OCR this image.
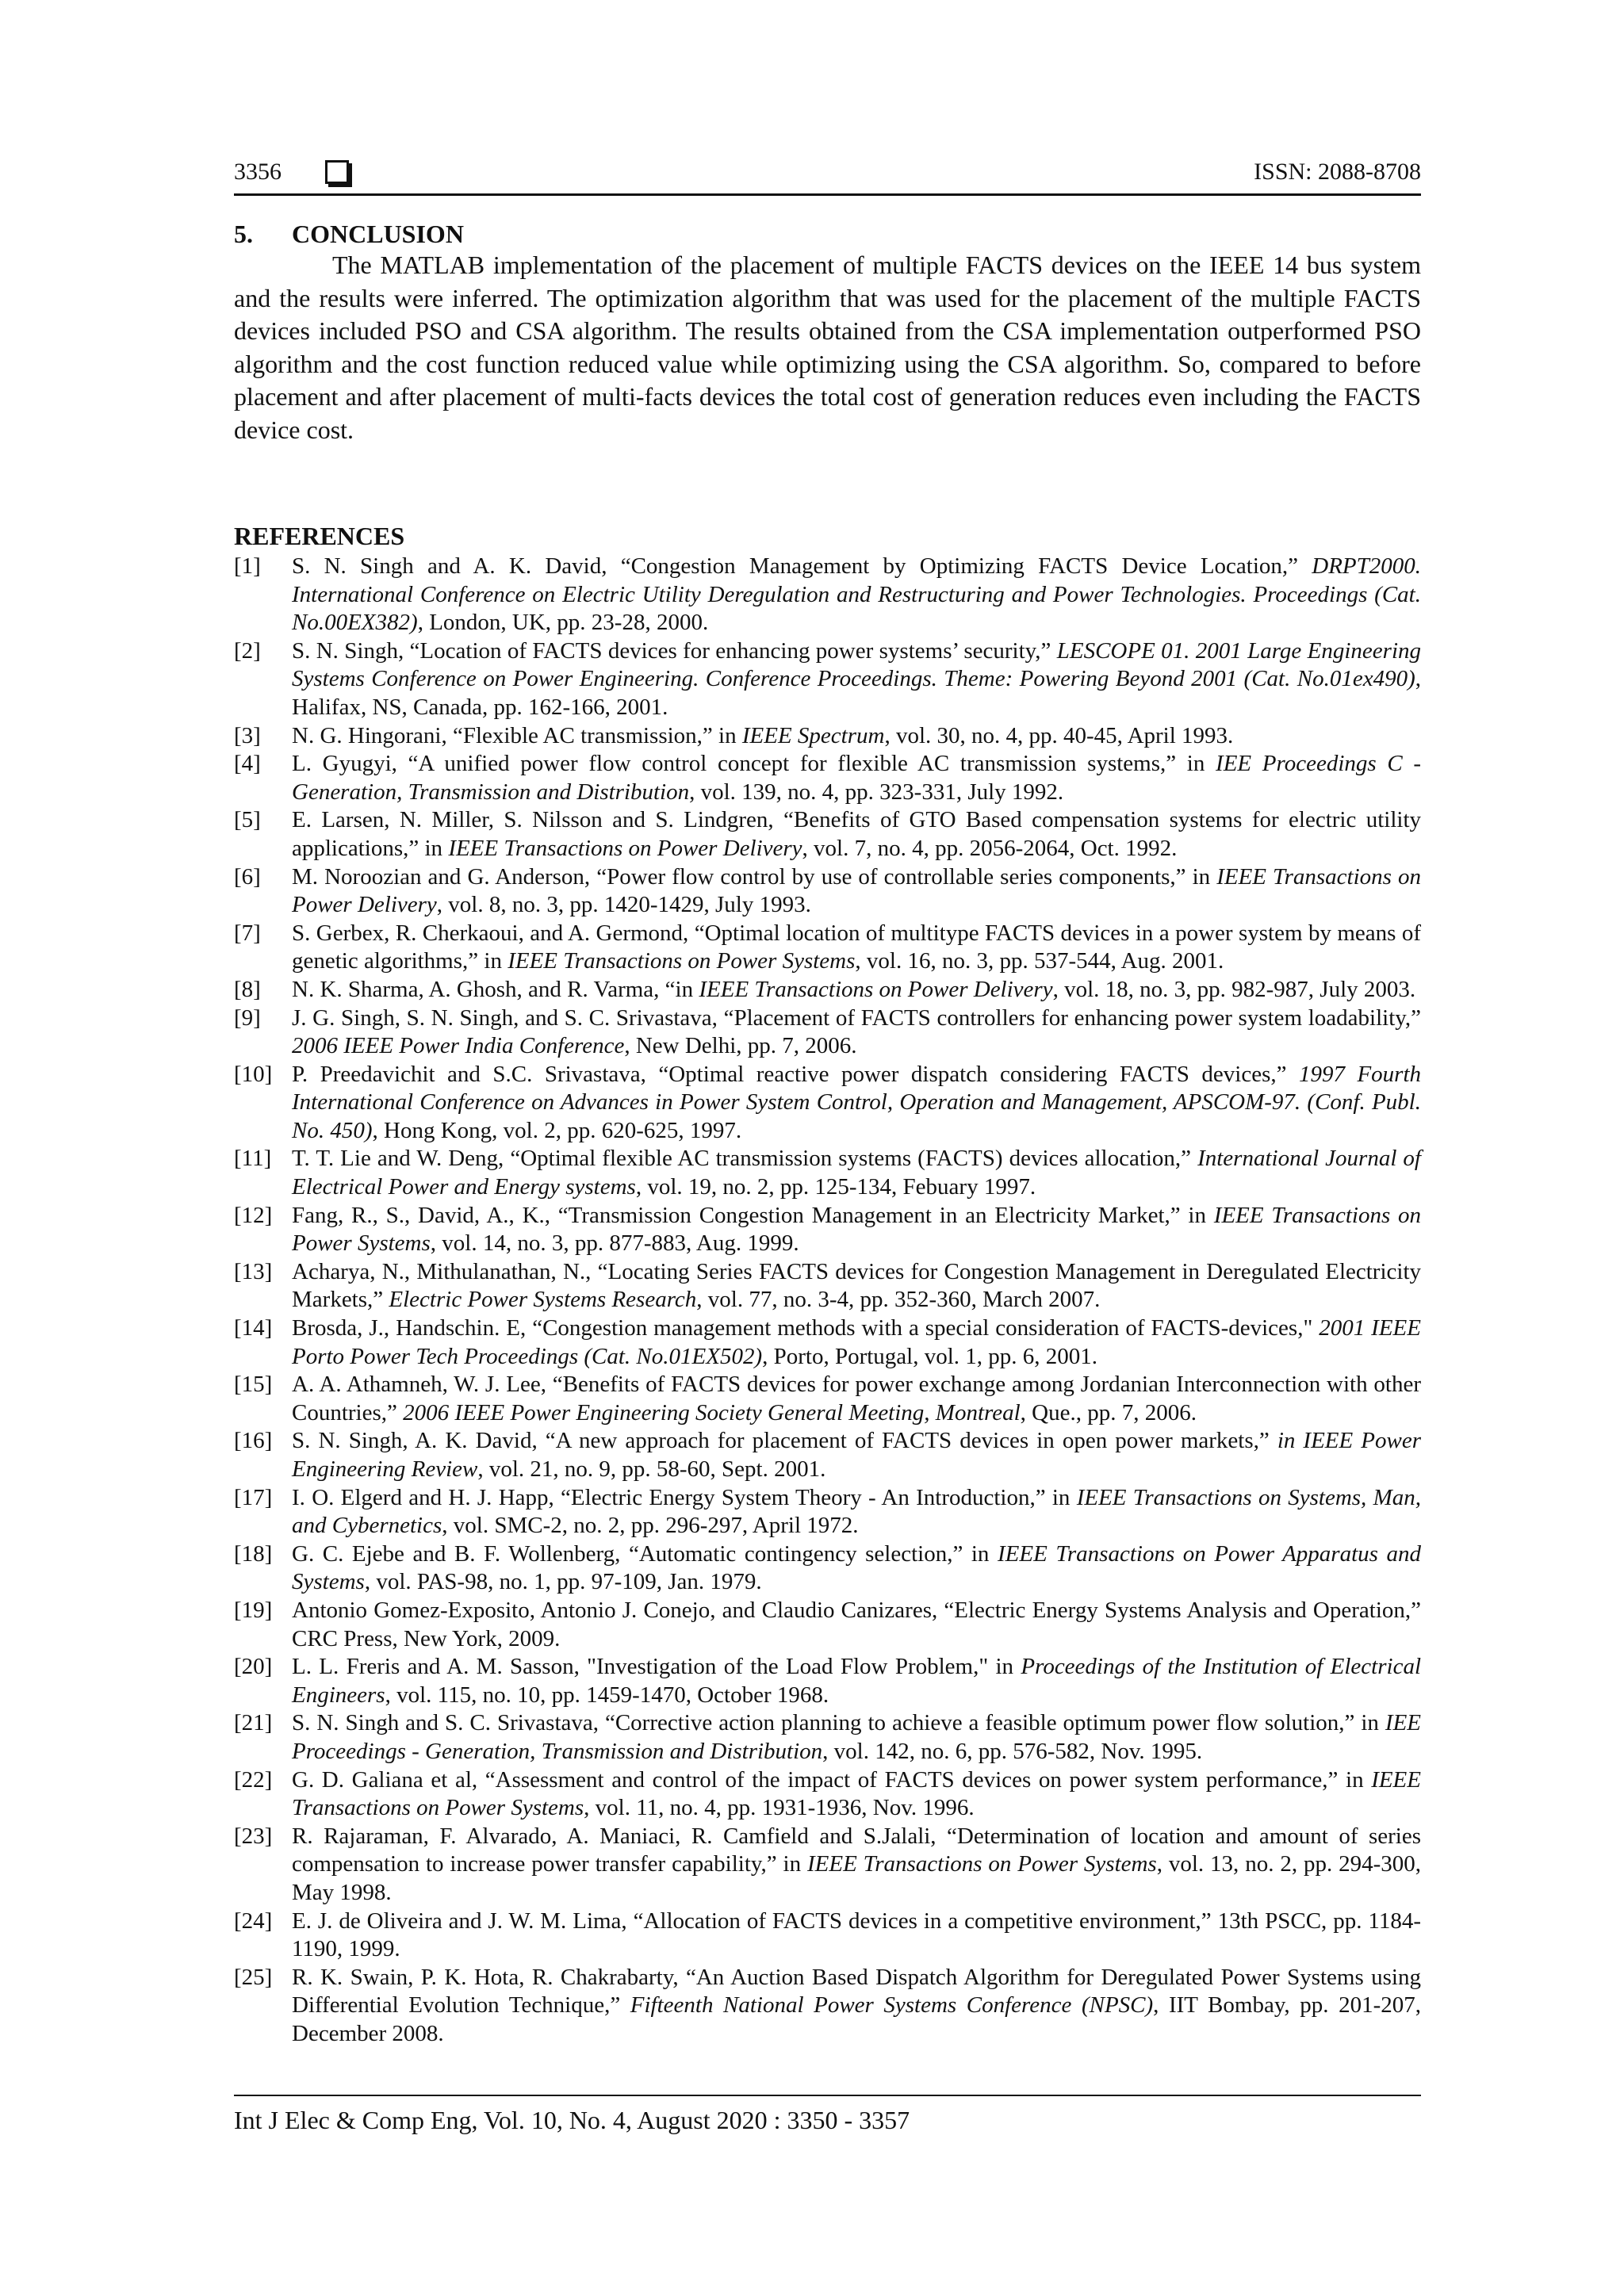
3356	ISSN: 2088-8708
5. CONCLUSION

The MATLAB implementation of the placement of multiple FACTS devices on the IEEE 14 bus system and the results were inferred. The optimization algorithm that was used for the placement of the multiple FACTS devices included PSO and CSA algorithm. The results obtained from the CSA implementation outperformed PSO algorithm and the cost function reduced value while optimizing using the CSA algorithm. So, compared to before placement and after placement of multi-facts devices the total cost of generation reduces even including the FACTS device cost.

REFERENCES
[1]	S. N. Singh and A. K. David, “Congestion Management by Optimizing FACTS Device Location,” DRPT2000. International Conference on Electric Utility Deregulation and Restructuring and Power Technologies. Proceedings (Cat. No.00EX382), London, UK, pp. 23-28, 2000.
[2]	S. N. Singh, “Location of FACTS devices for enhancing power systems’ security,” LESCOPE 01. 2001 Large Engineering Systems Conference on Power Engineering. Conference Proceedings. Theme: Powering Beyond 2001 (Cat. No.01ex490), Halifax, NS, Canada, pp. 162-166, 2001.
[3]	N. G. Hingorani, “Flexible AC transmission,” in IEEE Spectrum, vol. 30, no. 4, pp. 40-45, April 1993.
[4]	L. Gyugyi, “A unified power flow control concept for flexible AC transmission systems,” in IEE Proceedings C - Generation, Transmission and Distribution, vol. 139, no. 4, pp. 323-331, July 1992.
[5]	E. Larsen, N. Miller, S. Nilsson and S. Lindgren, “Benefits of GTO Based compensation systems for electric utility applications,” in IEEE Transactions on Power Delivery, vol. 7, no. 4, pp. 2056-2064, Oct. 1992.
[6]	M. Noroozian and G. Anderson, “Power flow control by use of controllable series components,” in IEEE Transactions on Power Delivery, vol. 8, no. 3, pp. 1420-1429, July 1993.
[7]	S. Gerbex, R. Cherkaoui, and A. Germond, “Optimal location of multitype FACTS devices in a power system by means of genetic algorithms,” in IEEE Transactions on Power Systems, vol. 16, no. 3, pp. 537-544, Aug. 2001.
[8]	N. K. Sharma, A. Ghosh, and R. Varma, “in IEEE Transactions on Power Delivery, vol. 18, no. 3, pp. 982-987, July 2003.
[9]	J. G. Singh, S. N. Singh, and S. C. Srivastava, “Placement of FACTS controllers for enhancing power system loadability,” 2006 IEEE Power India Conference, New Delhi, pp. 7, 2006.
[10] P. Preedavichit and S.C. Srivastava, “Optimal reactive power dispatch considering FACTS devices,” 1997 Fourth International Conference on Advances in Power System Control, Operation and Management, APSCOM-97. (Conf. Publ. No. 450), Hong Kong, vol. 2, pp. 620-625, 1997.
[11] T. T. Lie and W. Deng, “Optimal flexible AC transmission systems (FACTS) devices allocation,” International Journal of Electrical Power and Energy systems, vol. 19, no. 2, pp. 125-134, Febuary 1997.
[12] Fang, R., S., David, A., K., “Transmission Congestion Management in an Electricity Market,” in IEEE Transactions on Power Systems, vol. 14, no. 3, pp. 877-883, Aug. 1999.
[13] Acharya, N., Mithulanathan, N., “Locating Series FACTS devices for Congestion Management in Deregulated Electricity Markets,” Electric Power Systems Research, vol. 77, no. 3-4, pp. 352-360, March 2007.
[14] Brosda, J., Handschin. E, “Congestion management methods with a special consideration of FACTS-devices," 2001 IEEE Porto Power Tech Proceedings (Cat. No.01EX502), Porto, Portugal, vol. 1, pp. 6, 2001.
[15] A. A. Athamneh, W. J. Lee, “Benefits of FACTS devices for power exchange among Jordanian Interconnection with other Countries,” 2006 IEEE Power Engineering Society General Meeting, Montreal, Que., pp. 7, 2006.
[16] S. N. Singh, A. K. David, “A new approach for placement of FACTS devices in open power markets,” in IEEE Power Engineering Review, vol. 21, no. 9, pp. 58-60, Sept. 2001.
[17] I. O. Elgerd and H. J. Happ, “Electric Energy System Theory - An Introduction,” in IEEE Transactions on Systems, Man, and Cybernetics, vol. SMC-2, no. 2, pp. 296-297, April 1972.
[18] G. C. Ejebe and B. F. Wollenberg, “Automatic contingency selection,” in IEEE Transactions on Power Apparatus and Systems, vol. PAS-98, no. 1, pp. 97-109, Jan. 1979.
[19] Antonio Gomez-Exposito, Antonio J. Conejo, and Claudio Canizares, “Electric Energy Systems Analysis and Operation,” CRC Press, New York, 2009.
[20] L. L. Freris and A. M. Sasson, "Investigation of the Load Flow Problem," in Proceedings of the Institution of Electrical Engineers, vol. 115, no. 10, pp. 1459-1470, October 1968.
[21] S. N. Singh and S. C. Srivastava, “Corrective action planning to achieve a feasible optimum power flow solution,” in IEE Proceedings - Generation, Transmission and Distribution, vol. 142, no. 6, pp. 576-582, Nov. 1995.
[22] G. D. Galiana et al, “Assessment and control of the impact of FACTS devices on power system performance,” in IEEE Transactions on Power Systems, vol. 11, no. 4, pp. 1931-1936, Nov. 1996.
[23] R. Rajaraman, F. Alvarado, A. Maniaci, R. Camfield and S.Jalali, “Determination of location and amount of series compensation to increase power transfer capability,” in IEEE Transactions on Power Systems, vol. 13, no. 2, pp. 294-300, May 1998.
[24] E. J. de Oliveira and J. W. M. Lima, “Allocation of FACTS devices in a competitive environment,” 13th PSCC, pp. 1184-1190, 1999.
[25] R. K. Swain, P. K. Hota, R. Chakrabarty, “An Auction Based Dispatch Algorithm for Deregulated Power Systems using Differential Evolution Technique,” Fifteenth National Power Systems Conference (NPSC), IIT Bombay, pp. 201-207, December 2008.
Int J Elec & Comp Eng, Vol. 10, No. 4, August 2020 : 3350 - 3357
